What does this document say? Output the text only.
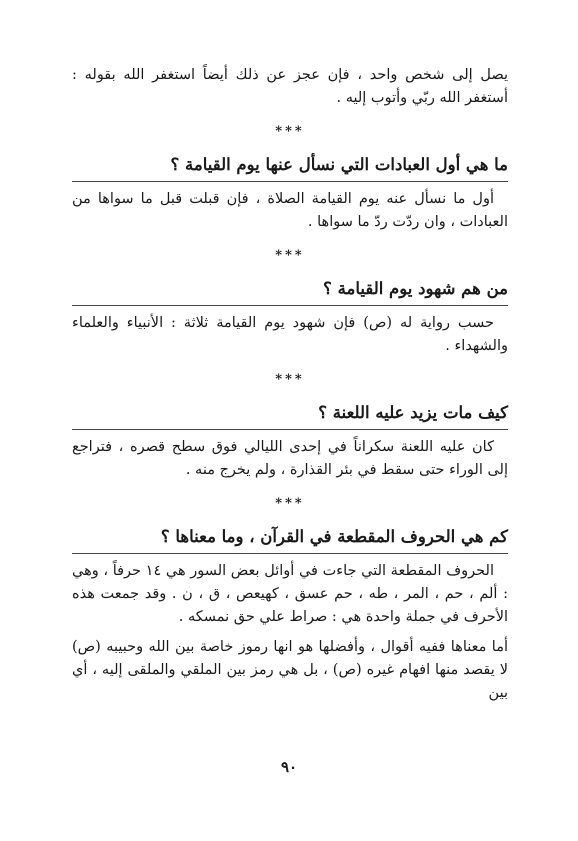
يصل إلى شخص واحد ، فإن عجز عن ذلك أيضاً استغفر الله بقوله : أستغفر الله ربّي وأتوب إليه .

***
ما هي أول العبادات التي نسأل عنها يوم القيامة ؟

أول ما نسأل عنه يوم القيامة الصلاة ، فإن قبلت قبل ما سواها من العبادات ، وان ردّت ردّ ما سواها .

***
من هم شهود يوم القيامة ؟

حسب رواية له (ص) فإن شهود يوم القيامة ثلاثة : الأنبياء والعلماء والشهداء .

***
كيف مات يزيد عليه اللعنة ؟

كان عليه اللعنة سكراناً في إحدى الليالي فوق سطح قصره ، فتراجع إلى الوراء حتى سقط في بئر القذارة ، ولم يخرج منه .

***
كم هي الحروف المقطعة في القرآن ، وما معناها ؟

الحروف المقطعة التي جاءت في أوائل بعض السور هي ١٤ حرفاً ، وهي : ألم ، حم ، المر ، طه ، حم عسق ، كهيعص ، ق ، ن . وقد جمعت هذه الأحرف في جملة واحدة هي : صراط علي حق نمسكه .

أما معناها ففيه أقوال ، وأفضلها هو انها رموز خاصة بين الله وحبيبه (ص) لا يقصد منها افهام غيره (ص) ، بل هي رمز بين الملقي والملقى إليه ، أي بين

٩٠
